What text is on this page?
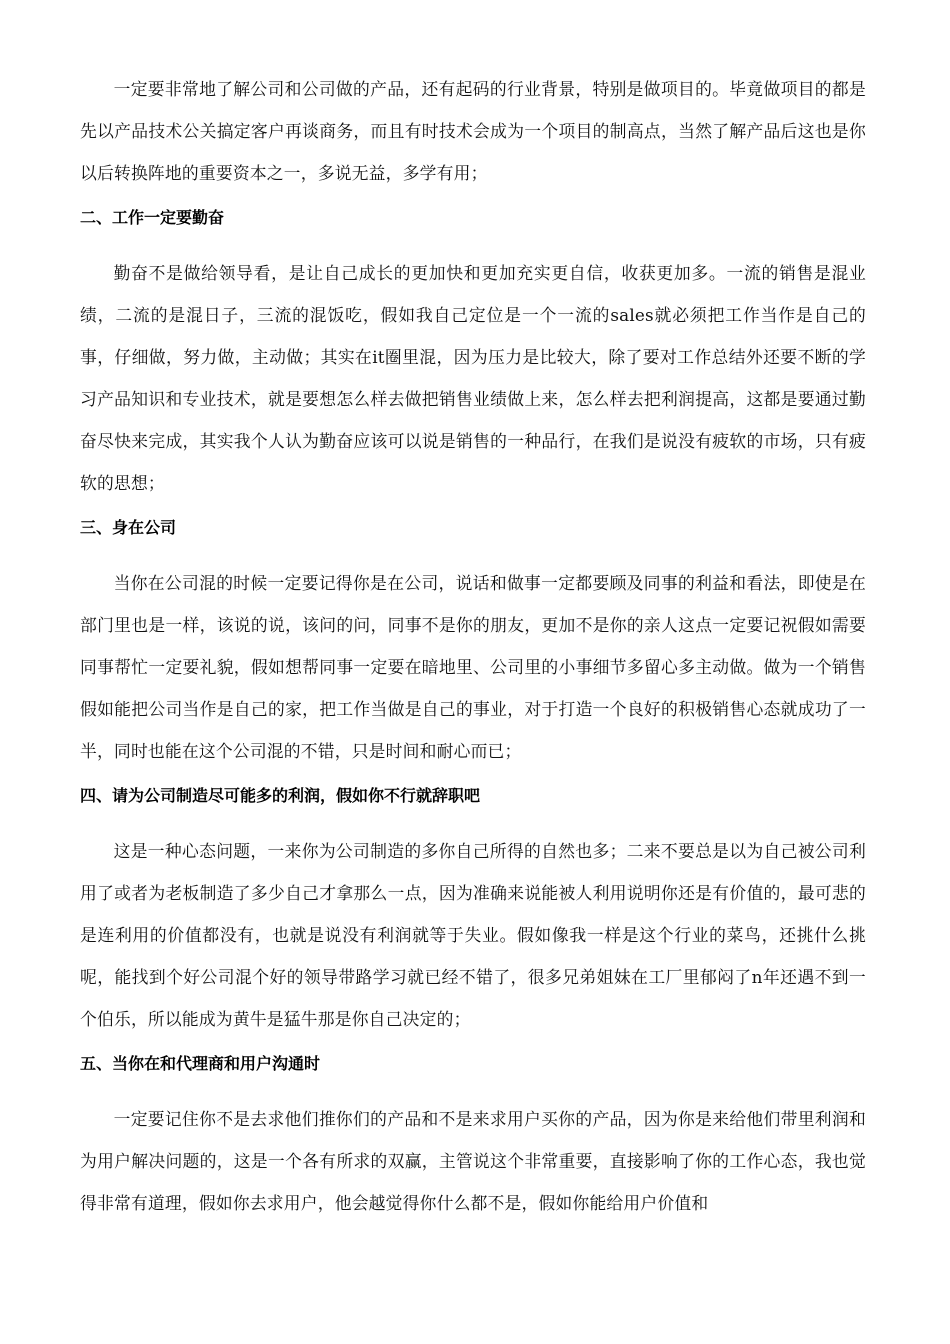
一定要非常地了解公司和公司做的产品，还有起码的行业背景，特别是做项目的。毕竟做项目的都是先以产品技术公关搞定客户再谈商务，而且有时技术会成为一个项目的制高点，当然了解产品后这也是你以后转换阵地的重要资本之一，多说无益，多学有用；

二、工作一定要勤奋

勤奋不是做给领导看，是让自己成长的更加快和更加充实更自信，收获更加多。一流的销售是混业绩，二流的是混日子，三流的混饭吃，假如我自己定位是一个一流的sales就必须把工作当作是自己的事，仔细做，努力做，主动做；其实在it圈里混，因为压力是比较大，除了要对工作总结外还要不断的学习产品知识和专业技术，就是要想怎么样去做把销售业绩做上来，怎么样去把利润提高，这都是要通过勤奋尽快来完成，其实我个人认为勤奋应该可以说是销售的一种品行，在我们是说没有疲软的市场，只有疲软的思想；

三、身在公司

当你在公司混的时候一定要记得你是在公司，说话和做事一定都要顾及同事的利益和看法，即使是在部门里也是一样，该说的说，该问的问，同事不是你的朋友，更加不是你的亲人这点一定要记祝假如需要同事帮忙一定要礼貌，假如想帮同事一定要在暗地里、公司里的小事细节多留心多主动做。做为一个销售假如能把公司当作是自己的家，把工作当做是自己的事业，对于打造一个良好的积极销售心态就成功了一半，同时也能在这个公司混的不错，只是时间和耐心而已；

四、请为公司制造尽可能多的利润，假如你不行就辞职吧

这是一种心态问题，一来你为公司制造的多你自己所得的自然也多；二来不要总是以为自己被公司利用了或者为老板制造了多少自己才拿那么一点，因为准确来说能被人利用说明你还是有价值的，最可悲的是连利用的价值都没有，也就是说没有利润就等于失业。假如像我一样是这个行业的菜鸟，还挑什么挑呢，能找到个好公司混个好的领导带路学习就已经不错了，很多兄弟姐妹在工厂里郁闷了n年还遇不到一个伯乐，所以能成为黄牛是猛牛那是你自己决定的；

五、当你在和代理商和用户沟通时

一定要记住你不是去求他们推你们的产品和不是来求用户买你的产品，因为你是来给他们带里利润和为用户解决问题的，这是一个各有所求的双赢，主管说这个非常重要，直接影响了你的工作心态，我也觉得非常有道理，假如你去求用户，他会越觉得你什么都不是，假如你能给用户价值和
